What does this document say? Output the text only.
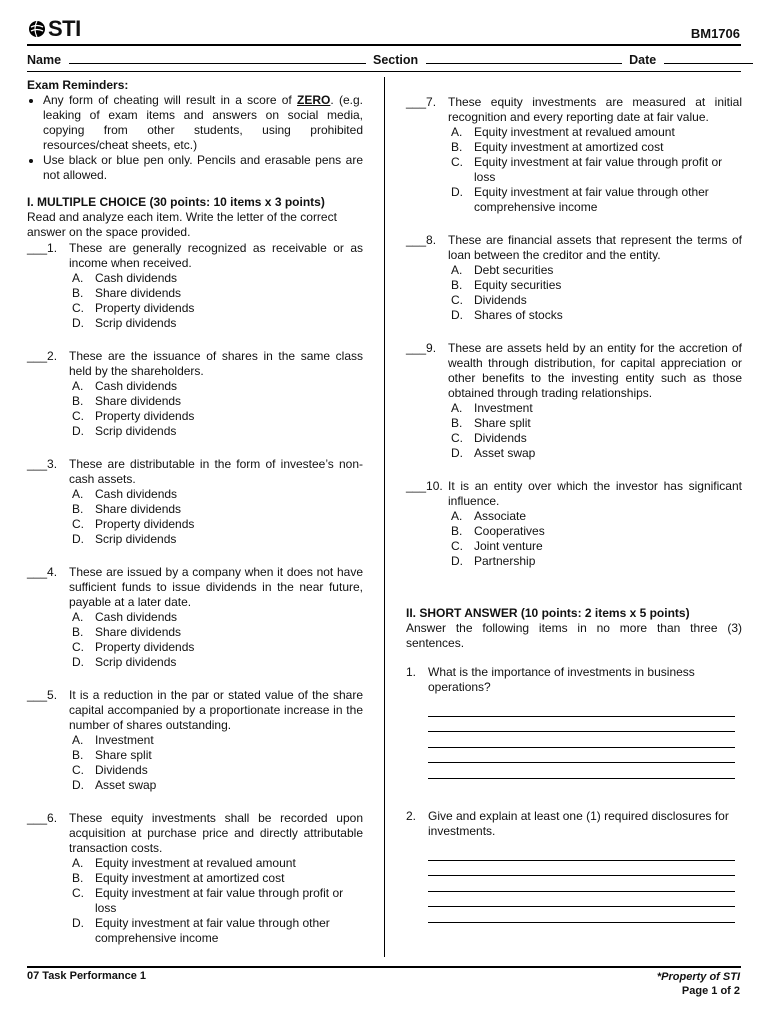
STI	BM1706
Name	Section	Date
Exam Reminders:
• Any form of cheating will result in a score of ZERO. (e.g. leaking of exam items and answers on social media, copying from other students, using prohibited resources/cheat sheets, etc.)
• Use black or blue pen only. Pencils and erasable pens are not allowed.
I. MULTIPLE CHOICE (30 points: 10 items x 3 points)
Read and analyze each item. Write the letter of the correct answer on the space provided.
___1. These are generally recognized as receivable or as income when received.
A. Cash dividends
B. Share dividends
C. Property dividends
D. Scrip dividends
___2. These are the issuance of shares in the same class held by the shareholders.
A. Cash dividends
B. Share dividends
C. Property dividends
D. Scrip dividends
___3. These are distributable in the form of investee’s non-cash assets.
A. Cash dividends
B. Share dividends
C. Property dividends
D. Scrip dividends
___4. These are issued by a company when it does not have sufficient funds to issue dividends in the near future, payable at a later date.
A. Cash dividends
B. Share dividends
C. Property dividends
D. Scrip dividends
___5. It is a reduction in the par or stated value of the share capital accompanied by a proportionate increase in the number of shares outstanding.
A. Investment
B. Share split
C. Dividends
D. Asset swap
___6. These equity investments shall be recorded upon acquisition at purchase price and directly attributable transaction costs.
A. Equity investment at revalued amount
B. Equity investment at amortized cost
C. Equity investment at fair value through profit or loss
D. Equity investment at fair value through other comprehensive income
___7. These equity investments are measured at initial recognition and every reporting date at fair value.
A. Equity investment at revalued amount
B. Equity investment at amortized cost
C. Equity investment at fair value through profit or loss
D. Equity investment at fair value through other comprehensive income
___8. These are financial assets that represent the terms of loan between the creditor and the entity.
A. Debt securities
B. Equity securities
C. Dividends
D. Shares of stocks
___9. These are assets held by an entity for the accretion of wealth through distribution, for capital appreciation or other benefits to the investing entity such as those obtained through trading relationships.
A. Investment
B. Share split
C. Dividends
D. Asset swap
___10. It is an entity over which the investor has significant influence.
A. Associate
B. Cooperatives
C. Joint venture
D. Partnership
II. SHORT ANSWER (10 points: 2 items x 5 points)
Answer the following items in no more than three (3) sentences.
1. What is the importance of investments in business operations?
2. Give and explain at least one (1) required disclosures for investments.
07 Task Performance 1	*Property of STI
Page 1 of 2
